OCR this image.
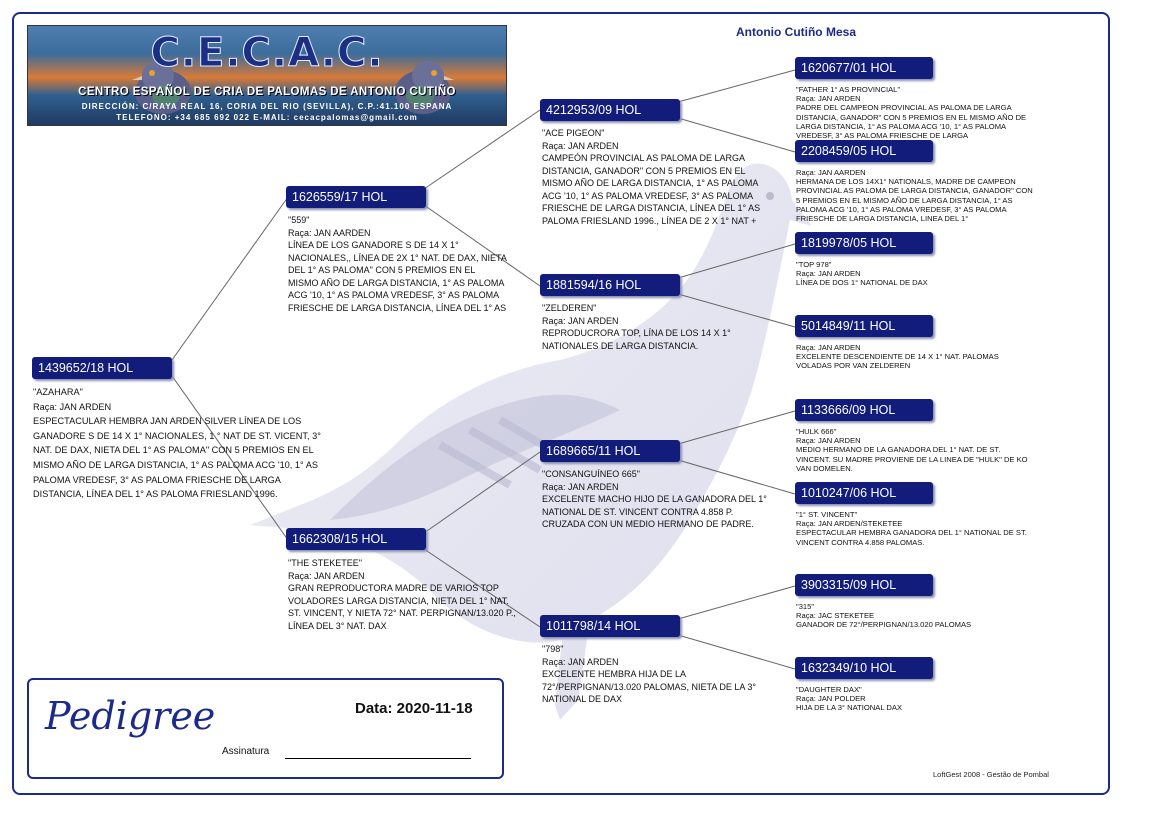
Antonio Cutiño Mesa
C.E.C.A.C.
CENTRO ESPAÑOL DE CRIA DE PALOMAS DE ANTONIO CUTIÑO
DIRECCIÓN: C/RAYA REAL 16, CORIA DEL RIO (SEVILLA), C.P.:41.100 ESPANA
TELEFONO: +34 685 692 022 E-MAIL: cecacpalomas@gmail.com
1439652/18 HOL
"AZAHARA"
Raça: JAN ARDEN
ESPECTACULAR HEMBRA JAN ARDEN SILVER LÍNEA DE LOS GANADORE S DE 14 X 1° NACIONALES, 1 ° NAT DE ST. VICENT, 3° NAT. DE DAX, NIETA DEL 1° AS PALOMA" CON 5 PREMIOS EN EL MISMO AÑO DE LARGA DISTANCIA, 1° AS PALOMA ACG '10, 1° AS PALOMA VREDESF, 3° AS PALOMA FRIESCHE DE LARGA DISTANCIA, LÍNEA DEL 1° AS PALOMA FRIESLAND 1996.
1626559/17 HOL
"559"
Raça: JAN AARDEN
LÍNEA DE LOS GANADORE S DE 14 X 1° NACIONALES,, LÍNEA DE 2X 1° NAT. DE DAX, NIETA DEL 1° AS PALOMA" CON 5 PREMIOS EN EL MISMO AÑO DE LARGA DISTANCIA, 1° AS PALOMA ACG '10, 1° AS PALOMA VREDESF, 3° AS PALOMA FRIESCHE DE LARGA DISTANCIA, LÍNEA DEL 1° AS
1662308/15 HOL
"THE STEKETEE"
Raça: JAN ARDEN
GRAN REPRODUCTORA MADRE DE VARIOS TOP VOLADORES LARGA DISTANCIA, NIETA DEL 1° NAT. ST. VINCENT, Y NIETA 72° NAT. PERPIGNAN/13.020 P., LÍNEA DEL 3° NAT. DAX
4212953/09 HOL
"ACE PIGEON"
Raça: JAN ARDEN
CAMPEÓN PROVINCIAL AS PALOMA DE LARGA DISTANCIA, GANADOR" CON 5 PREMIOS EN EL MISMO AÑO DE LARGA DISTANCIA, 1° AS PALOMA ACG '10, 1° AS PALOMA VREDESF, 3° AS PALOMA FRIESCHE DE LARGA DISTANCIA, LÍNEA DEL 1° AS PALOMA FRIESLAND 1996., LÍNEA DE 2 X 1° NAT +
1881594/16 HOL
"ZELDEREN"
Raça: JAN ARDEN
REPRODUCRORA TOP, LÍNA DE LOS 14 X 1° NATIONALES DE LARGA DISTANCIA.
1689665/11 HOL
"CONSANGUÍNEO 665"
Raça: JAN ARDEN
EXCELENTE MACHO HIJO DE LA GANADORA DEL 1° NATIONAL DE ST. VINCENT CONTRA 4.858 P. CRUZADA CON UN MEDIO HERMANO DE PADRE.
1011798/14 HOL
"798"
Raça: JAN ARDEN
EXCELENTE HEMBRA HIJA DE LA 72°/PERPIGNAN/13.020 PALOMAS, NIETA DE LA 3° NATIONAL DE DAX
1620677/01 HOL
"FATHER 1° AS PROVINCIAL"
Raça: JAN ARDEN
PADRE DEL CAMPEON PROVINCIAL AS PALOMA DE LARGA DISTANCIA, GANADOR" CON 5 PREMIOS EN EL MISMO AÑO DE LARGA DISTANCIA, 1° AS PALOMA ACG '10, 1° AS PALOMA VREDESF, 3° AS PALOMA FRIESCHE DE LARGA
2208459/05 HOL
Raça: JAN AARDEN
HERMANA DE LOS 14X1° NATIONALS, MADRE DE CAMPEON PROVINCIAL AS PALOMA DE LARGA DISTANCIA, GANADOR" CON 5 PREMIOS EN EL MISMO AÑO DE LARGA DISTANCIA, 1° AS PALOMA ACG '10, 1° AS PALOMA VREDESF, 3° AS PALOMA FRIESCHE DE LARGA DISTANCIA, LINEA DEL 1°
1819978/05 HOL
"TOP 978"
Raça: JAN ARDEN
LÍNEA DE DOS 1° NATIONAL DE DAX
5014849/11 HOL
Raça: JAN ARDEN
EXCELENTE DESCENDIENTE DE 14 X 1° NAT. PALOMAS VOLADAS POR VAN ZELDEREN
1133666/09 HOL
"HULK 666"
Raça: JAN ARDEN
MEDIO HERMANO DE LA GANADORA DEL 1° NAT. DE ST. VINCENT. SU MADRE PROVIENE DE LA LINEA DE "HULK" DE KO VAN DOMELEN.
1010247/06 HOL
"1° ST. VINCENT"
Raça: JAN ARDEN/STEKETEE
ESPECTACULAR HEMBRA GANADORA DEL 1° NATIONAL DE ST. VINCENT CONTRA 4.858 PALOMAS.
3903315/09 HOL
"315"
Raça: JAC STEKETEE
GANADOR DE 72°/PERPIGNAN/13.020 PALOMAS
1632349/10 HOL
"DAUGHTER DAX"
Raça: JAN POLDER
HIJA DE LA 3° NATIONAL DAX
Pedigree	Data: 2020-11-18
Assinatura
LoftGest 2008 - Gestão de Pombal
